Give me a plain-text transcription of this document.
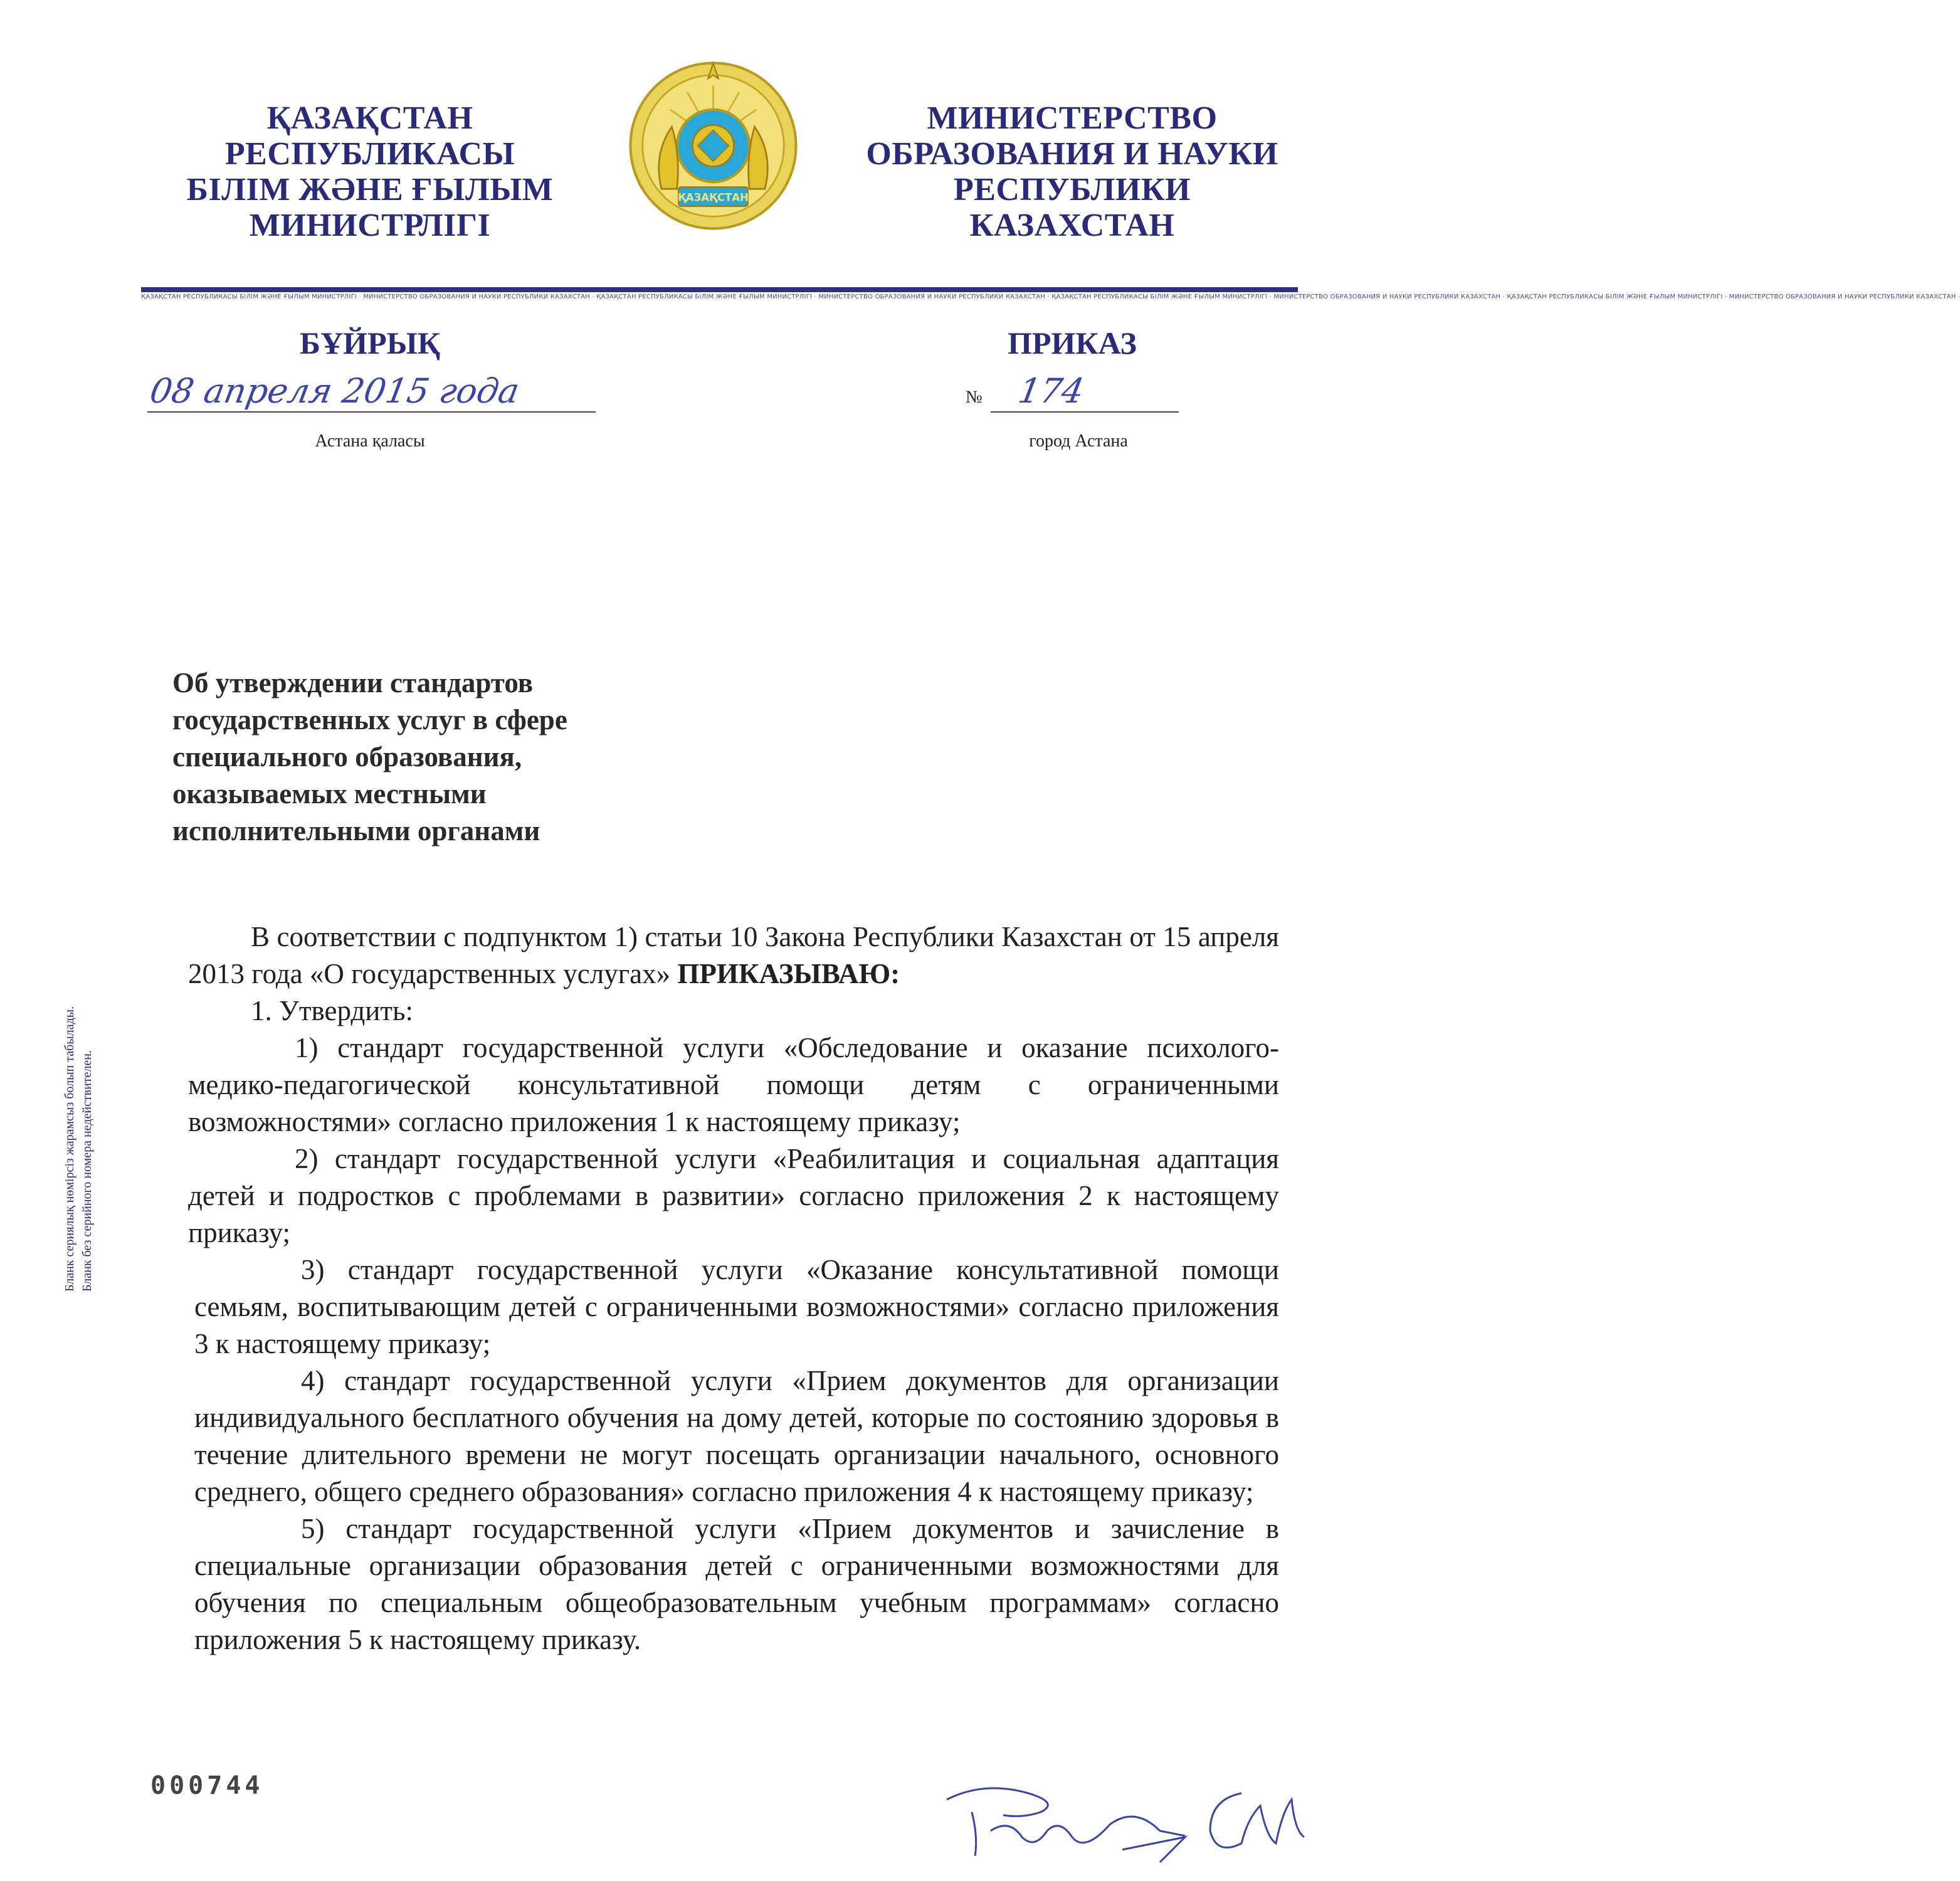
ҚАЗАҚСТАН
РЕСПУБЛИКАСЫ
БІЛІМ ЖӘНЕ ҒЫЛЫМ
МИНИСТРЛІГІ
ҚАЗАҚСТАН
МИНИСТЕРСТВО
ОБРАЗОВАНИЯ И НАУКИ
РЕСПУБЛИКИ
КАЗАХСТАН
ҚАЗАҚСТАН РЕСПУБЛИКАСЫ БІЛІМ ЖӘНЕ ҒЫЛЫМ МИНИСТРЛІГІ · МИНИСТЕРСТВО ОБРАЗОВАНИЯ И НАУКИ РЕСПУБЛИКИ КАЗАХСТАН · ҚАЗАҚСТАН РЕСПУБЛИКАСЫ БІЛІМ ЖӘНЕ ҒЫЛЫМ МИНИСТРЛІГІ · МИНИСТЕРСТВО ОБРАЗОВАНИЯ И НАУКИ РЕСПУБЛИКИ КАЗАХСТАН · ҚАЗАҚСТАН РЕСПУБЛИКАСЫ БІЛІМ ЖӘНЕ ҒЫЛЫМ МИНИСТРЛІГІ · МИНИСТЕРСТВО ОБРАЗОВАНИЯ И НАУКИ РЕСПУБЛИКИ КАЗАХСТАН · ҚАЗАҚСТАН РЕСПУБЛИКАСЫ БІЛІМ ЖӘНЕ ҒЫЛЫМ МИНИСТРЛІГІ · МИНИСТЕРСТВО ОБРАЗОВАНИЯ И НАУКИ РЕСПУБЛИКИ КАЗАХСТАН ·
БҰЙРЫҚ	ПРИКАЗ
08 апреля 2015 года	№ 174
Астана қаласы	город Астана
Об утверждении стандартов
государственных услуг в сфере
специального образования,
оказываемых местными
исполнительными органами
Бланк сериялық нөмірсіз жарамсыз болып табылады. Бланк без серийного номера недействителен.

В соответствии с подпунктом 1) статьи 10 Закона Республики Казахстан от 15 апреля 2013 года «О государственных услугах» ПРИКАЗЫВАЮ:

1. Утвердить:

1) стандарт государственной услуги «Обследование и оказание психолого-медико-педагогической консультативной помощи детям с ограниченными возможностями» согласно приложения 1 к настоящему приказу;

2) стандарт государственной услуги «Реабилитация и социальная адаптация детей и подростков с проблемами в развитии» согласно приложения 2 к настоящему приказу;

3) стандарт государственной услуги «Оказание консультативной помощи семьям, воспитывающим детей с ограниченными возможностями» согласно приложения 3 к настоящему приказу;

4) стандарт государственной услуги «Прием документов для организации индивидуального бесплатного обучения на дому детей, которые по состоянию здоровья в течение длительного времени не могут посещать организации начального, основного среднего, общего среднего образования» согласно приложения 4 к настоящему приказу;

5) стандарт государственной услуги «Прием документов и зачисление в специальные организации образования детей с ограниченными возможностями для обучения по специальным общеобразовательным учебным программам» согласно приложения 5 к настоящему приказу.

000744
